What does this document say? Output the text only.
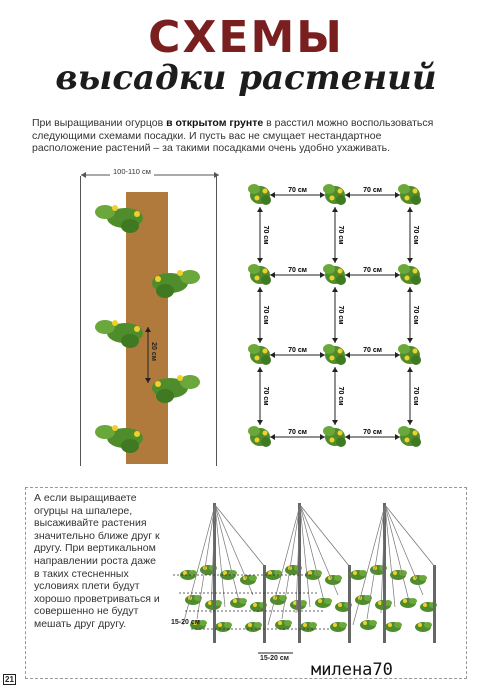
СХЕМЫ
высадки растений
При выращивании огурцов в открытом грунте в расстил можно воспользоваться следующими схемами посадки. И пусть вас не смущает нестандартное расположение растений – за такими посадками очень удобно ухаживать.
100-110 см
20 см
70 см	70 см
70 см	70 см
70 см	70 см
70 см	70 см
70 см
70 см
70 см
70 см
70 см
70 см
70 см
70 см
70 см
А если выращиваете огурцы на шпалере, высаживайте растения значительно ближе друг к другу. При вертикальном направлении роста даже в таких стесненных условиях плети будут хорошо проветриваться и совершенно не будут мешать друг другу.	15-20 см
15-20 см
21	милена70
